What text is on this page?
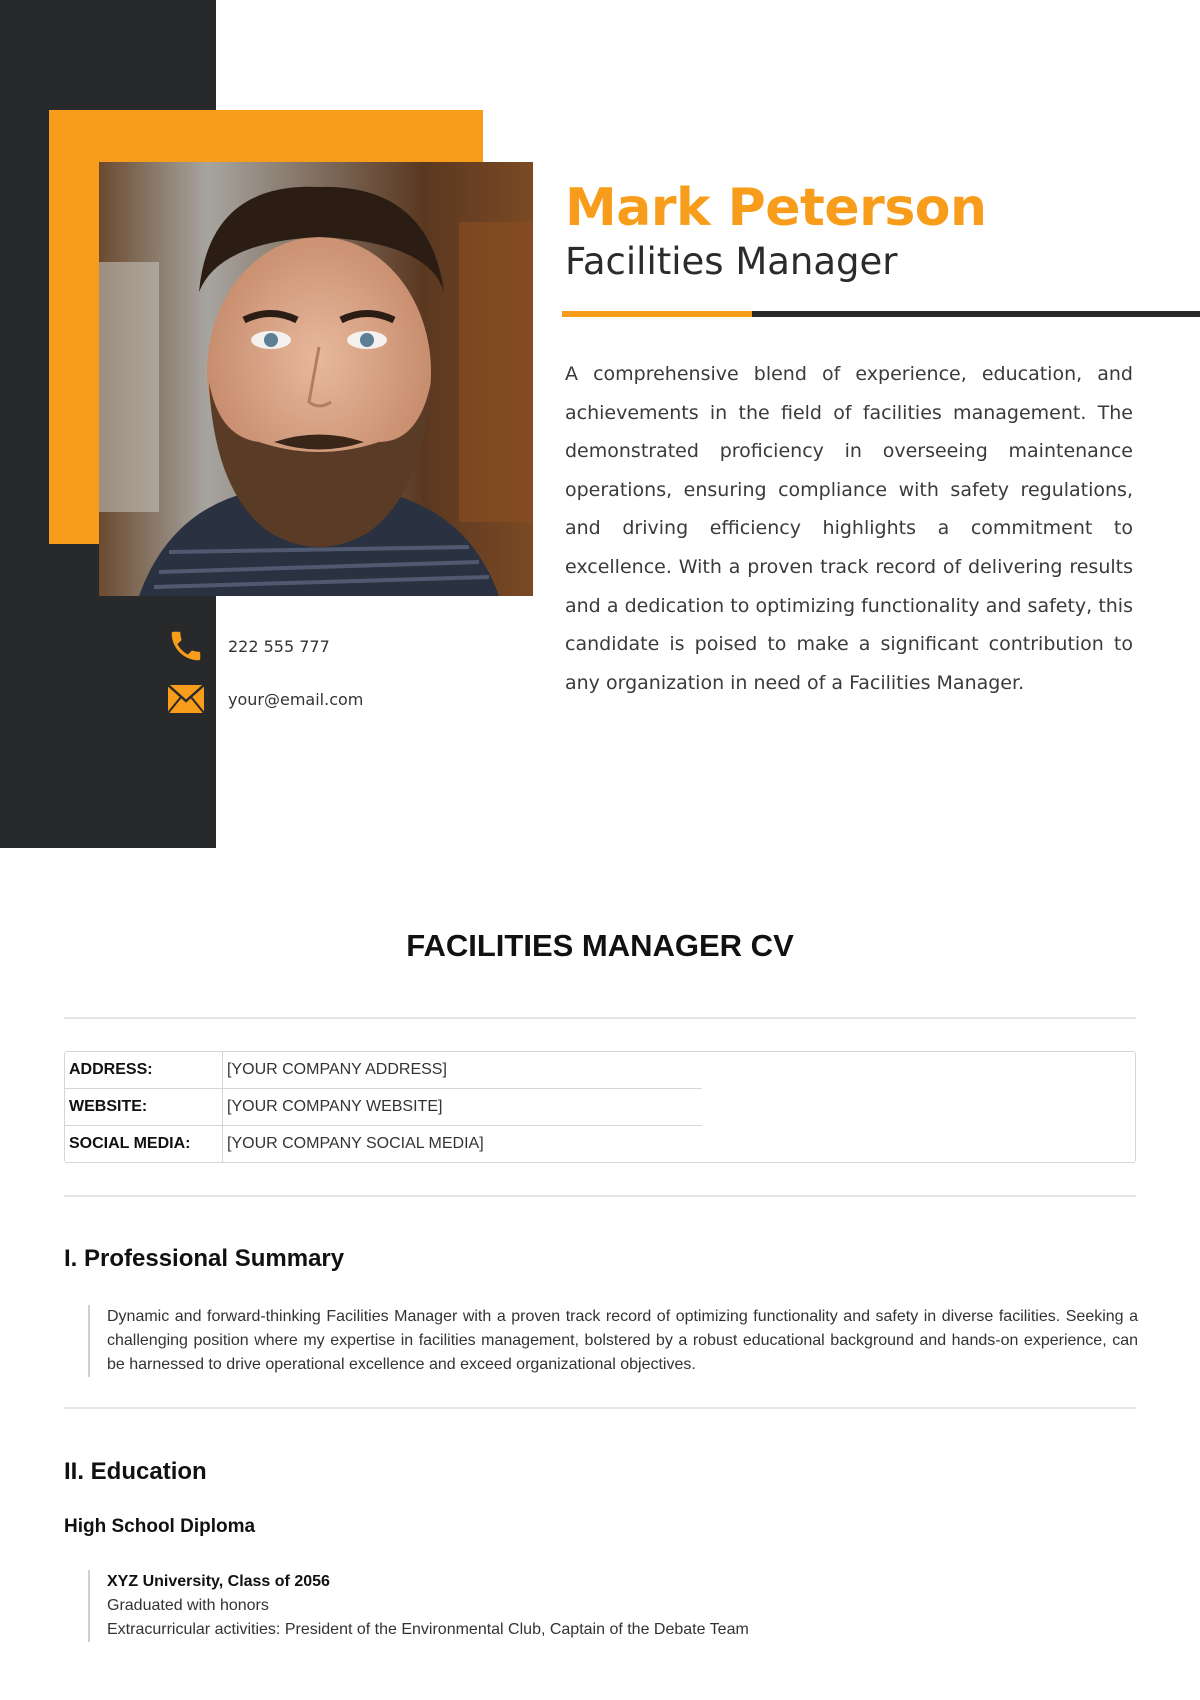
222 555 777
your@email.com
Mark Peterson
Facilities Manager
A comprehensive blend of experience, education, and achievements in the field of facilities management. The demonstrated proficiency in overseeing maintenance operations, ensuring compliance with safety regulations, and driving efficiency highlights a commitment to excellence. With a proven track record of delivering results and a dedication to optimizing functionality and safety, this candidate is poised to make a significant contribution to any organization in need of a Facilities Manager.
FACILITIES MANAGER CV
ADDRESS:	[YOUR COMPANY ADDRESS]
WEBSITE:	[YOUR COMPANY WEBSITE]
SOCIAL MEDIA:	[YOUR COMPANY SOCIAL MEDIA]
I. Professional Summary

Dynamic and forward-thinking Facilities Manager with a proven track record of optimizing functionality and safety in diverse facilities. Seeking a challenging position where my expertise in facilities management, bolstered by a robust educational background and hands-on experience, can be harnessed to drive operational excellence and exceed organizational objectives.

II. Education
High School Diploma

XYZ University, Class of 2056

Graduated with honors

Extracurricular activities: President of the Environmental Club, Captain of the Debate Team
